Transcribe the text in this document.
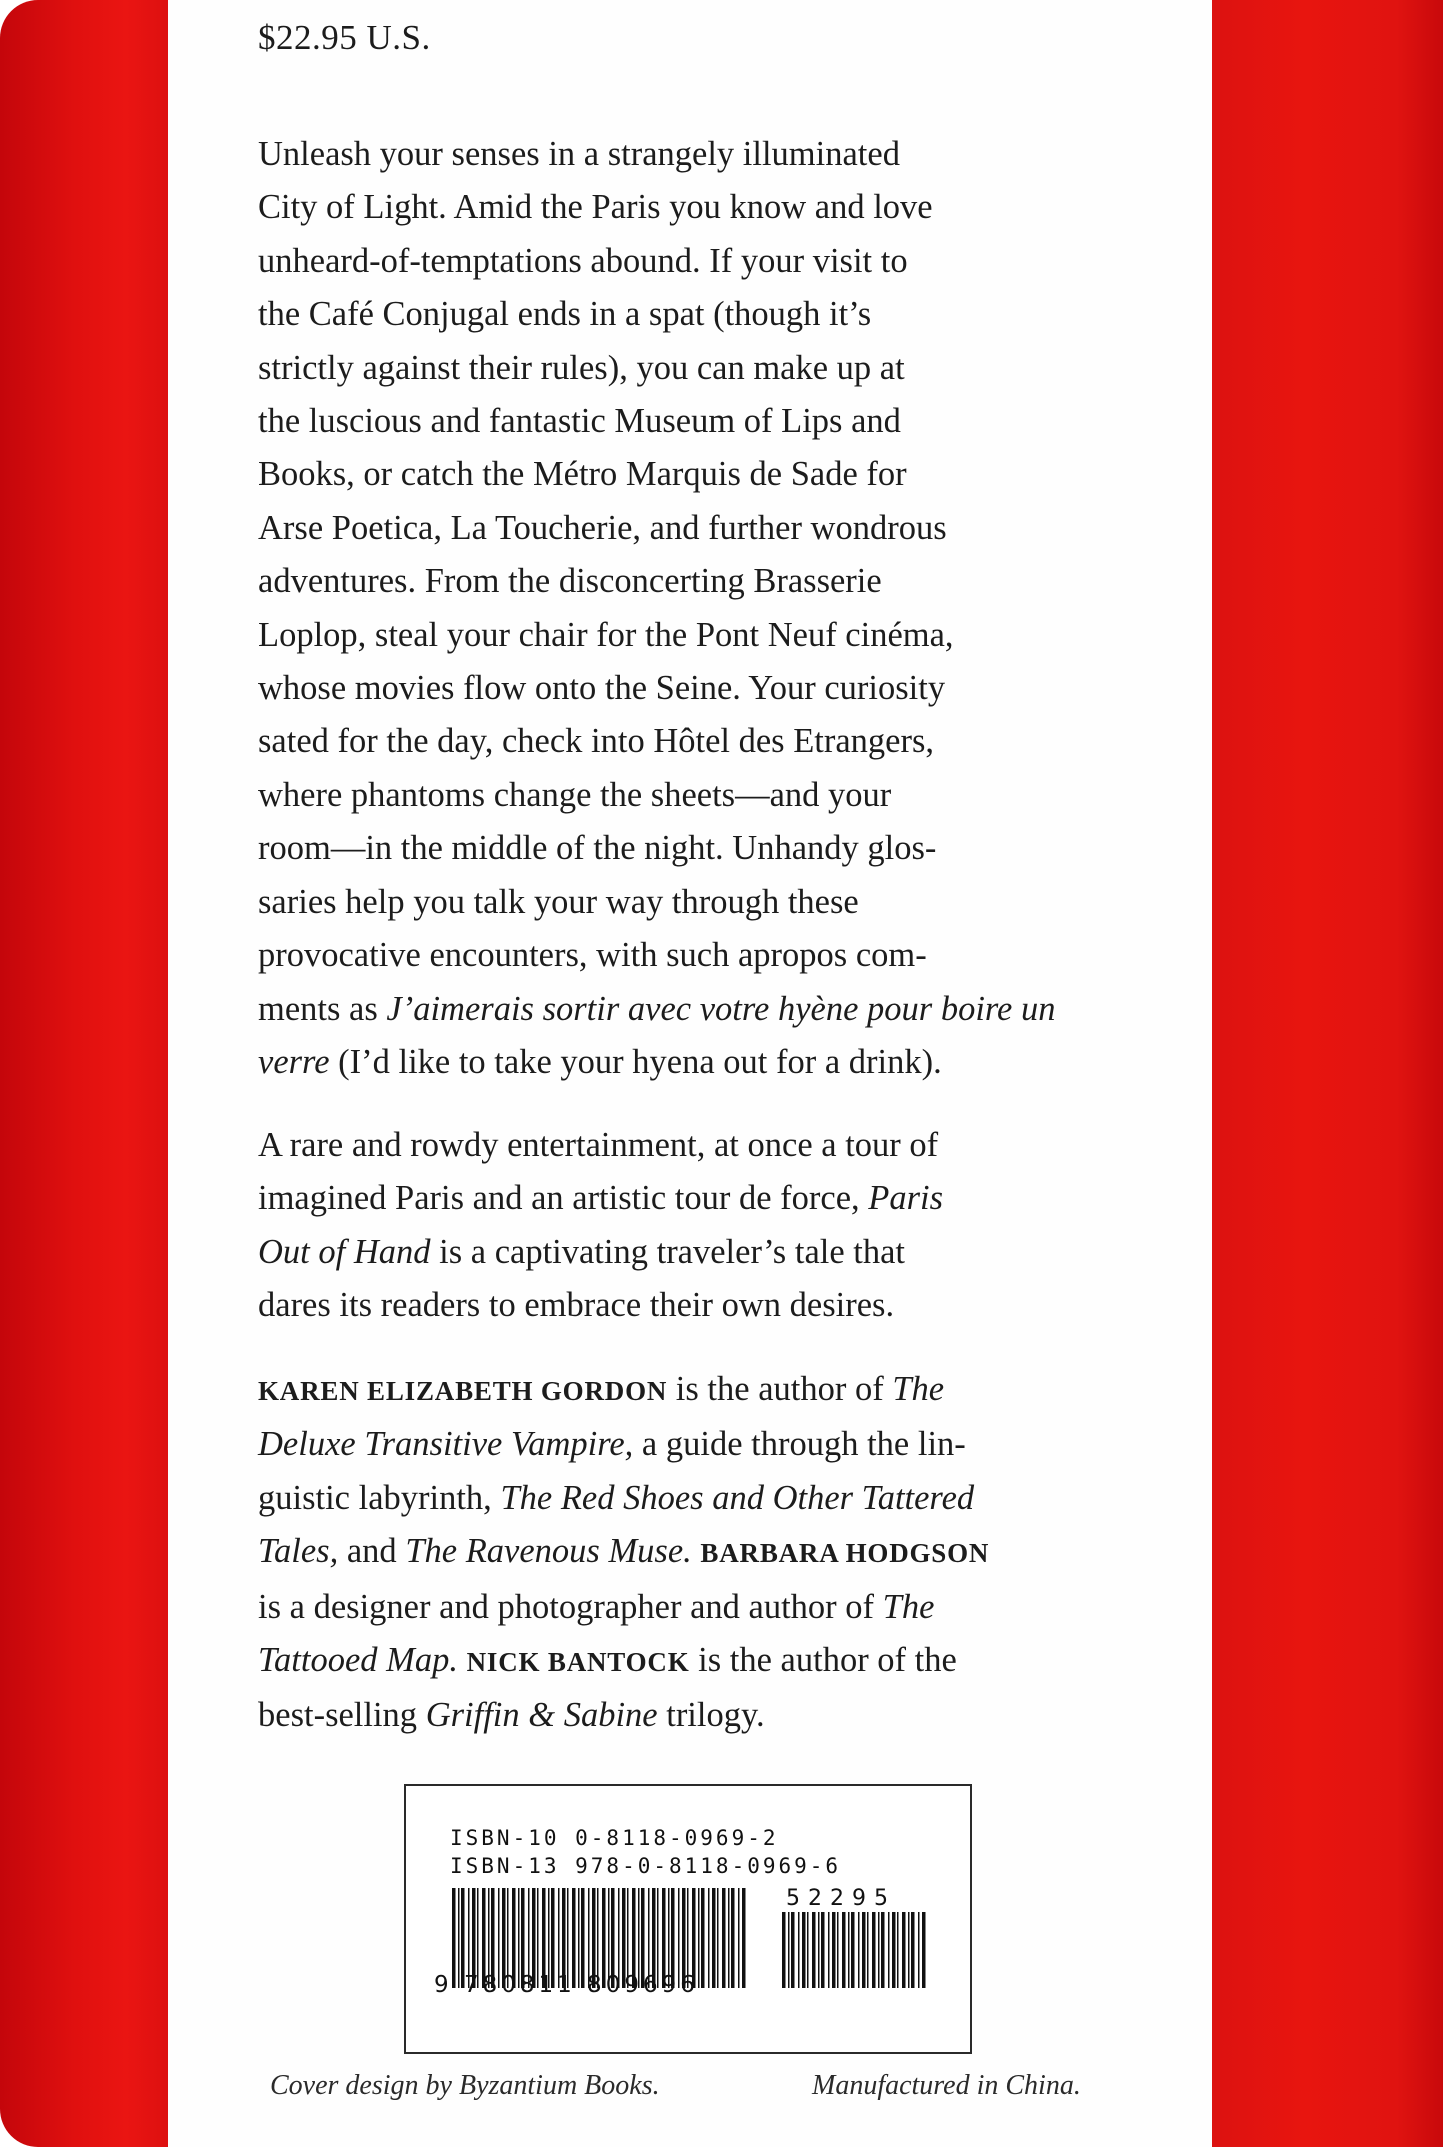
$22.95 U.S.
Unleash your senses in a strangely illuminated
City of Light. Amid the Paris you know and love
unheard-of-temptations abound. If your visit to
the Café Conjugal ends in a spat (though it’s
strictly against their rules), you can make up at
the luscious and fantastic Museum of Lips and
Books, or catch the Métro Marquis de Sade for
Arse Poetica, La Toucherie, and further wondrous
adventures. From the disconcerting Brasserie
Loplop, steal your chair for the Pont Neuf cinéma,
whose movies flow onto the Seine. Your curiosity
sated for the day, check into Hôtel des Etrangers,
where phantoms change the sheets—and your
room—in the middle of the night. Unhandy glos-
saries help you talk your way through these
provocative encounters, with such apropos com-
ments as J’aimerais sortir avec votre hyène pour boire un
verre (I’d like to take your hyena out for a drink).
A rare and rowdy entertainment, at once a tour of
imagined Paris and an artistic tour de force, Paris
Out of Hand is a captivating traveler’s tale that
dares its readers to embrace their own desires.
KAREN ELIZABETH GORDON is the author of The
Deluxe Transitive Vampire, a guide through the lin-
guistic labyrinth, The Red Shoes and Other Tattered
Tales, and The Ravenous Muse. BARBARA HODGSON
is a designer and photographer and author of The
Tattooed Map. NICK BANTOCK is the author of the
best-selling Griffin & Sabine trilogy.
ISBN-10 0-8118-0969-2
ISBN-13 978-0-8118-0969-6
52295
9 780811 809696
Cover design by Byzantium Books.	Manufactured in China.
